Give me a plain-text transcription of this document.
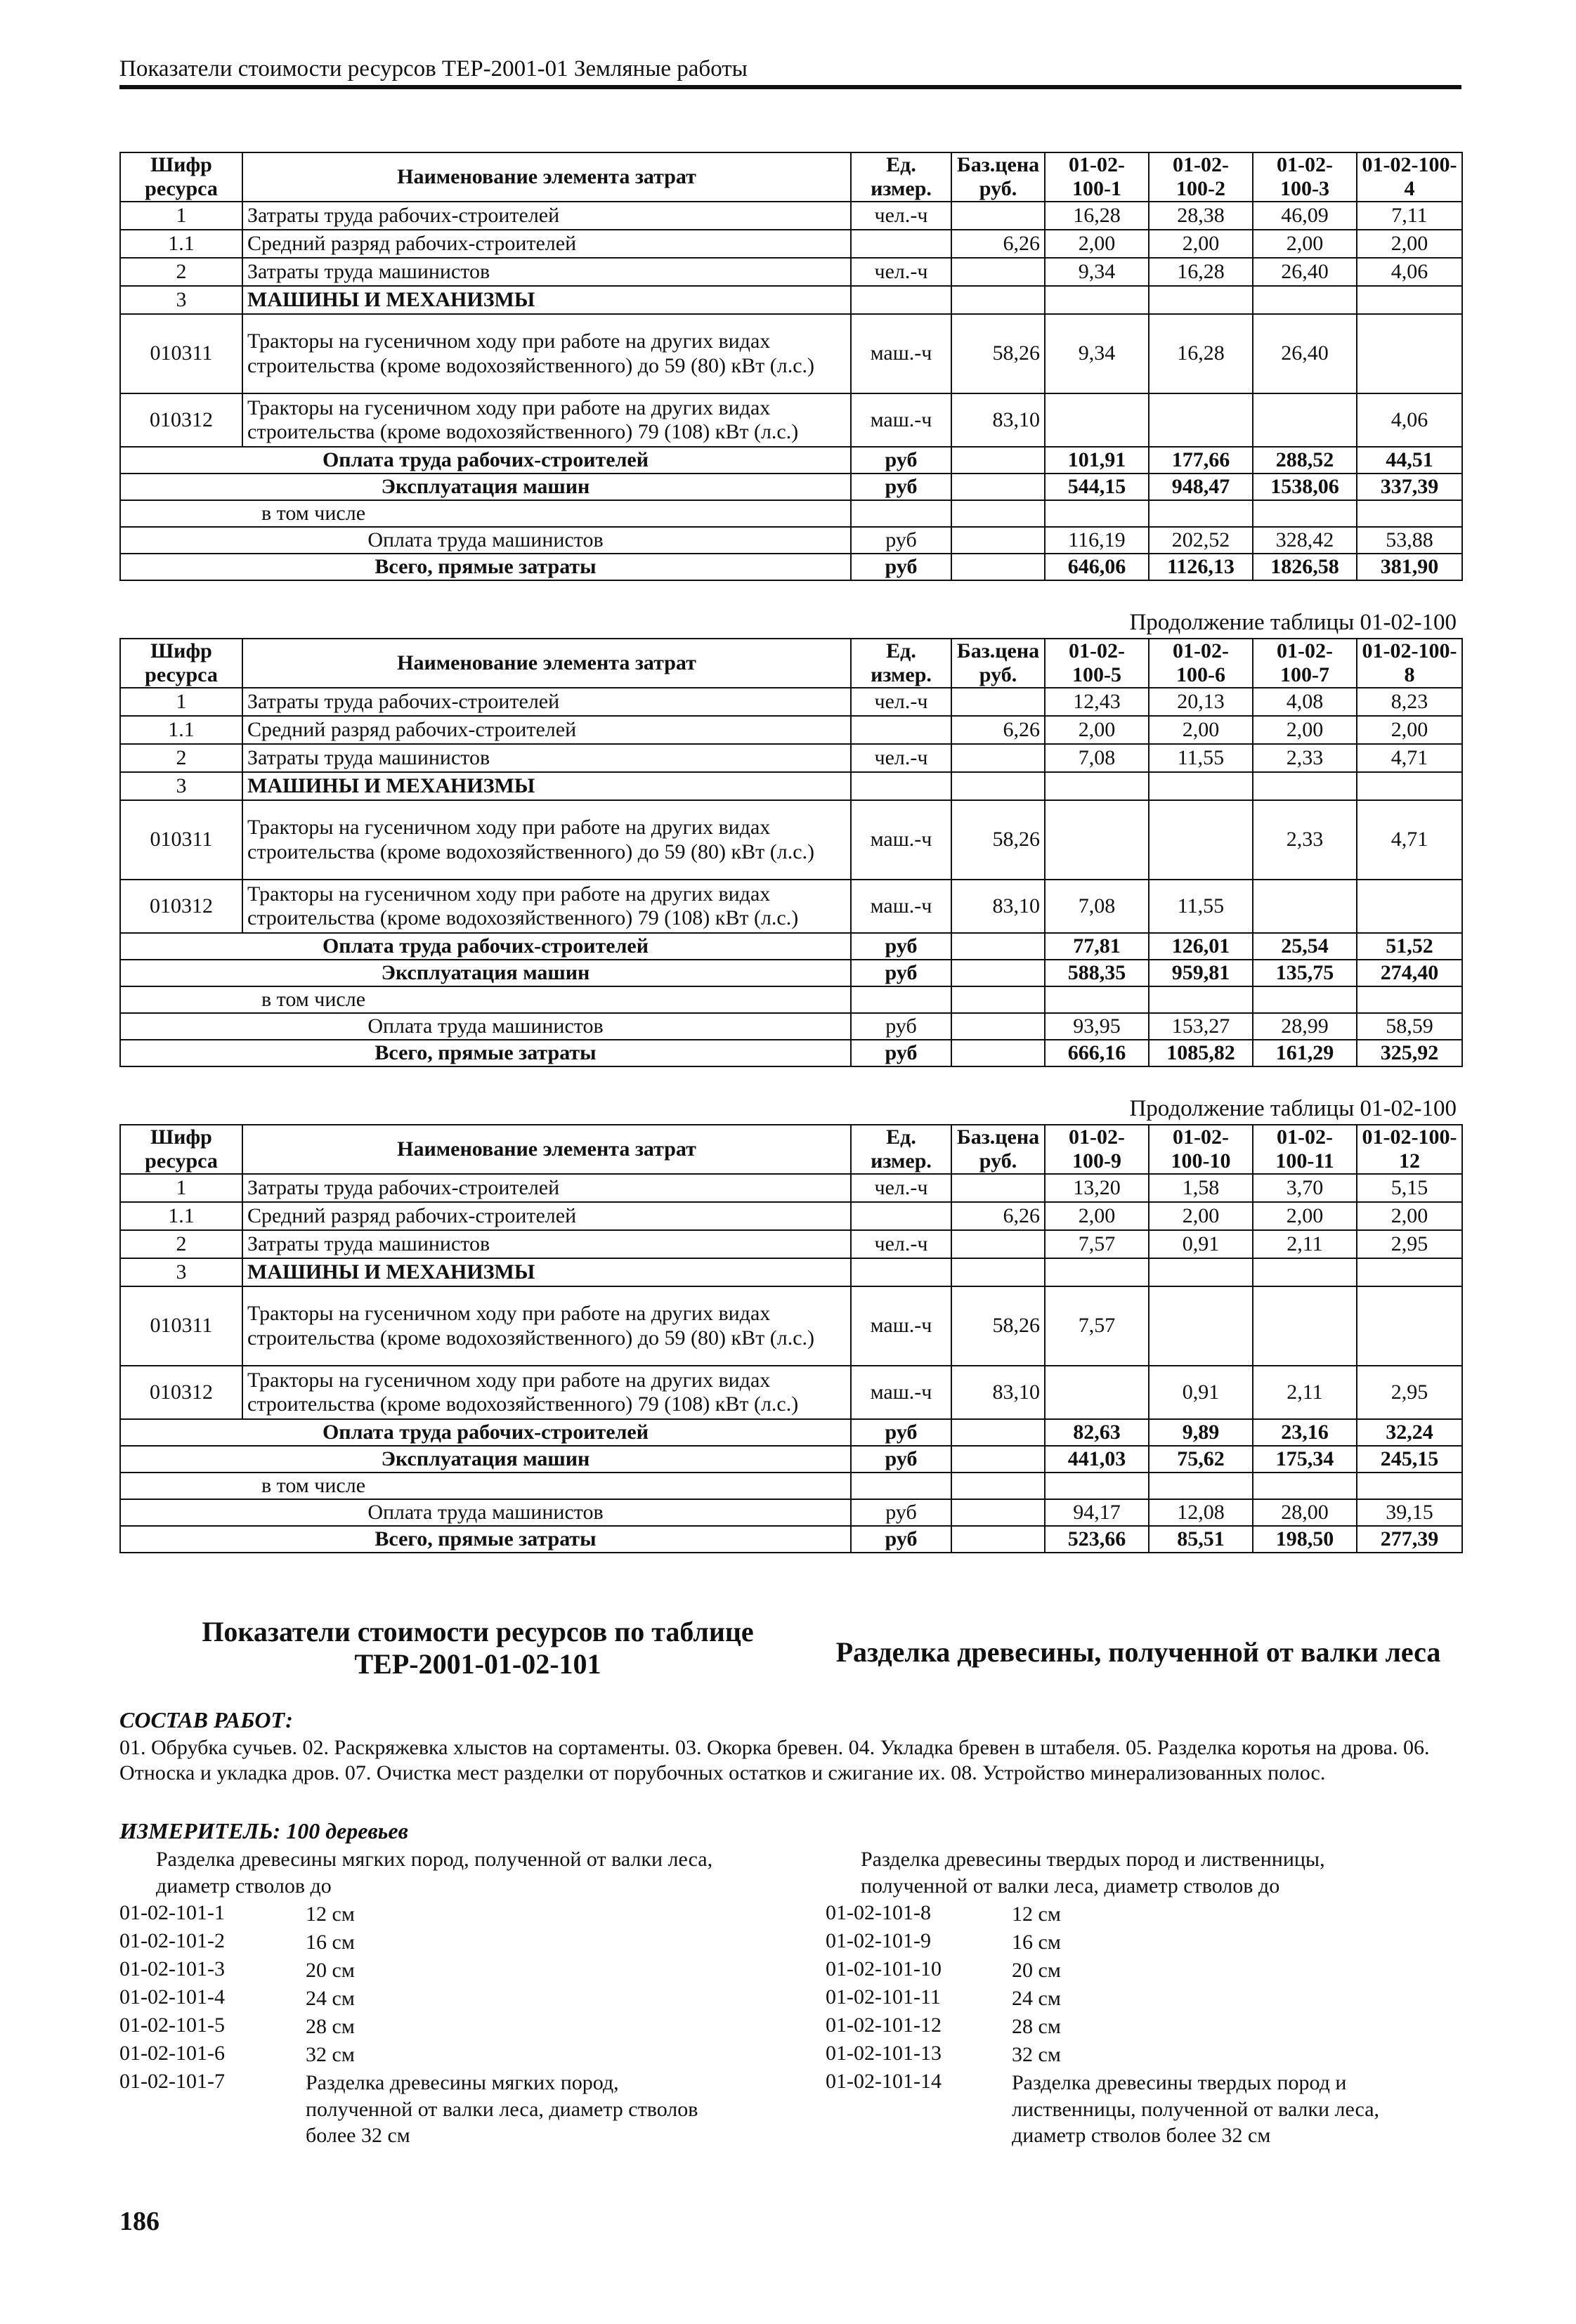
Показатели стоимости ресурсов ТЕР-2001-01 Земляные работы
Шифр ресурса	Наименование элемента затрат	Ед. измер.	Баз.цена руб.	01-02-100-1	01-02-100-2	01-02-100-3	01-02-100-4
1	Затраты труда рабочих-строителей	чел.-ч		16,28	28,38	46,09	7,11
1.1	Средний разряд рабочих-строителей		6,26	2,00	2,00	2,00	2,00
2	Затраты труда машинистов	чел.-ч		9,34	16,28	26,40	4,06
3	МАШИНЫ И МЕХАНИЗМЫ						
010311	Тракторы на гусеничном ходу при работе на других видах строительства (кроме водохозяйственного) до 59 (80) кВт (л.с.)	маш.-ч	58,26	9,34	16,28	26,40	
010312	Тракторы на гусеничном ходу при работе на других видах строительства (кроме водохозяйственного) 79 (108) кВт (л.с.)	маш.-ч	83,10				4,06
Оплата труда рабочих-строителей		руб		101,91	177,66	288,52	44,51
Эксплуатация машин		руб		544,15	948,47	1538,06	337,39
в том числе							
Оплата труда машинистов		руб		116,19	202,52	328,42	53,88
Всего, прямые затраты		руб		646,06	1126,13	1826,58	381,90
Продолжение таблицы 01-02-100
Шифр ресурса	Наименование элемента затрат	Ед. измер.	Баз.цена руб.	01-02-100-5	01-02-100-6	01-02-100-7	01-02-100-8
1	Затраты труда рабочих-строителей	чел.-ч		12,43	20,13	4,08	8,23
1.1	Средний разряд рабочих-строителей		6,26	2,00	2,00	2,00	2,00
2	Затраты труда машинистов	чел.-ч		7,08	11,55	2,33	4,71
3	МАШИНЫ И МЕХАНИЗМЫ						
010311	Тракторы на гусеничном ходу при работе на других видах строительства (кроме водохозяйственного) до 59 (80) кВт (л.с.)	маш.-ч	58,26			2,33	4,71
010312	Тракторы на гусеничном ходу при работе на других видах строительства (кроме водохозяйственного) 79 (108) кВт (л.с.)	маш.-ч	83,10	7,08	11,55		
Оплата труда рабочих-строителей		руб		77,81	126,01	25,54	51,52
Эксплуатация машин		руб		588,35	959,81	135,75	274,40
в том числе							
Оплата труда машинистов		руб		93,95	153,27	28,99	58,59
Всего, прямые затраты		руб		666,16	1085,82	161,29	325,92
Продолжение таблицы 01-02-100
Шифр ресурса	Наименование элемента затрат	Ед. измер.	Баз.цена руб.	01-02-100-9	01-02-100-10	01-02-100-11	01-02-100-12
1	Затраты труда рабочих-строителей	чел.-ч		13,20	1,58	3,70	5,15
1.1	Средний разряд рабочих-строителей		6,26	2,00	2,00	2,00	2,00
2	Затраты труда машинистов	чел.-ч		7,57	0,91	2,11	2,95
3	МАШИНЫ И МЕХАНИЗМЫ						
010311	Тракторы на гусеничном ходу при работе на других видах строительства (кроме водохозяйственного) до 59 (80) кВт (л.с.)	маш.-ч	58,26	7,57			
010312	Тракторы на гусеничном ходу при работе на других видах строительства (кроме водохозяйственного) 79 (108) кВт (л.с.)	маш.-ч	83,10		0,91	2,11	2,95
Оплата труда рабочих-строителей		руб		82,63	9,89	23,16	32,24
Эксплуатация машин		руб		441,03	75,62	175,34	245,15
в том числе							
Оплата труда машинистов		руб		94,17	12,08	28,00	39,15
Всего, прямые затраты		руб		523,66	85,51	198,50	277,39
Показатели стоимости ресурсов по таблице ТЕР-2001-01-02-101	Разделка древесины, полученной от валки леса
СОСТАВ РАБОТ:
01. Обрубка сучьев. 02. Раскряжевка хлыстов на сортаменты. 03. Окорка бревен. 04. Укладка бревен в штабеля. 05. Разделка коротья на дрова. 06. Относка и укладка дров. 07. Очистка мест разделки от порубочных остатков и сжигание их. 08. Устройство минерализованных полос.
ИЗМЕРИТЕЛЬ: 100 деревьев
Разделка древесины мягких пород, полученной от валки леса, диаметр стволов до
Разделка древесины твердых пород и лиственницы, полученной от валки леса, диаметр стволов до
01-02-101-1	12 см
01-02-101-2	16 см
01-02-101-3	20 см
01-02-101-4	24 см
01-02-101-5	28 см
01-02-101-6	32 см
01-02-101-7	Разделка древесины мягких пород, полученной от валки леса, диаметр стволов более 32 см
01-02-101-8	12 см
01-02-101-9	16 см
01-02-101-10	20 см
01-02-101-11	24 см
01-02-101-12	28 см
01-02-101-13	32 см
01-02-101-14	Разделка древесины твердых пород и лиственницы, полученной от валки леса, диаметр стволов более 32 см
186
